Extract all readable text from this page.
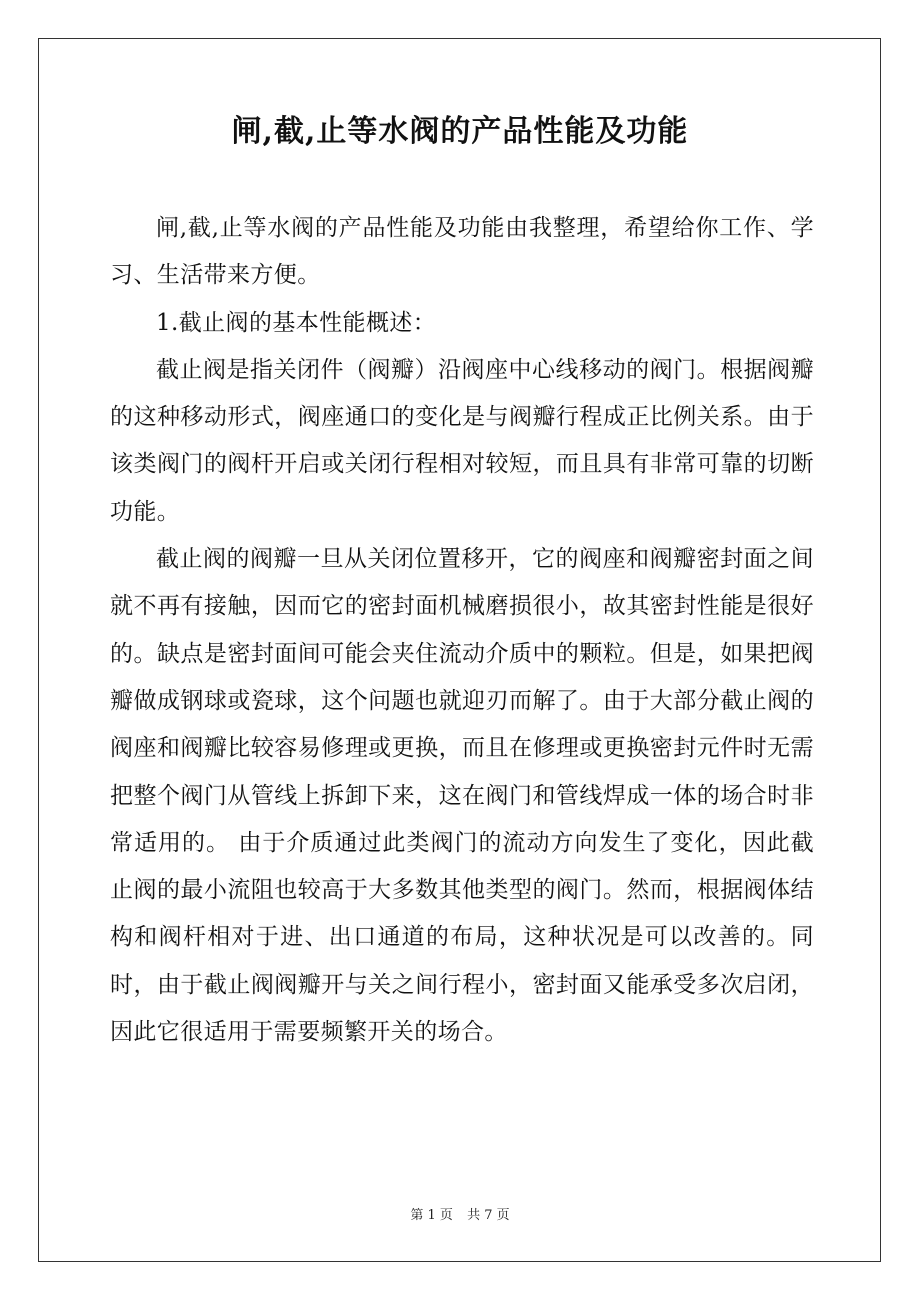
闸,截,止等水阀的产品性能及功能

闸,截,止等水阀的产品性能及功能由我整理，希望给你工作、学习、生活带来方便。

1.截止阀的基本性能概述：

截止阀是指关闭件（阀瓣）沿阀座中心线移动的阀门。根据阀瓣的这种移动形式，阀座通口的变化是与阀瓣行程成正比例关系。由于该类阀门的阀杆开启或关闭行程相对较短，而且具有非常可靠的切断功能。

截止阀的阀瓣一旦从关闭位置移开，它的阀座和阀瓣密封面之间就不再有接触，因而它的密封面机械磨损很小，故其密封性能是很好的。缺点是密封面间可能会夹住流动介质中的颗粒。但是，如果把阀瓣做成钢球或瓷球，这个问题也就迎刃而解了。由于大部分截止阀的阀座和阀瓣比较容易修理或更换，而且在修理或更换密封元件时无需把整个阀门从管线上拆卸下来，这在阀门和管线焊成一体的场合时非常适用的。 由于介质通过此类阀门的流动方向发生了变化，因此截止阀的最小流阻也较高于大多数其他类型的阀门。然而，根据阀体结构和阀杆相对于进、出口通道的布局，这种状况是可以改善的。同时，由于截止阀阀瓣开与关之间行程小，密封面又能承受多次启闭，因此它很适用于需要频繁开关的场合。

第 1 页 共 7 页
